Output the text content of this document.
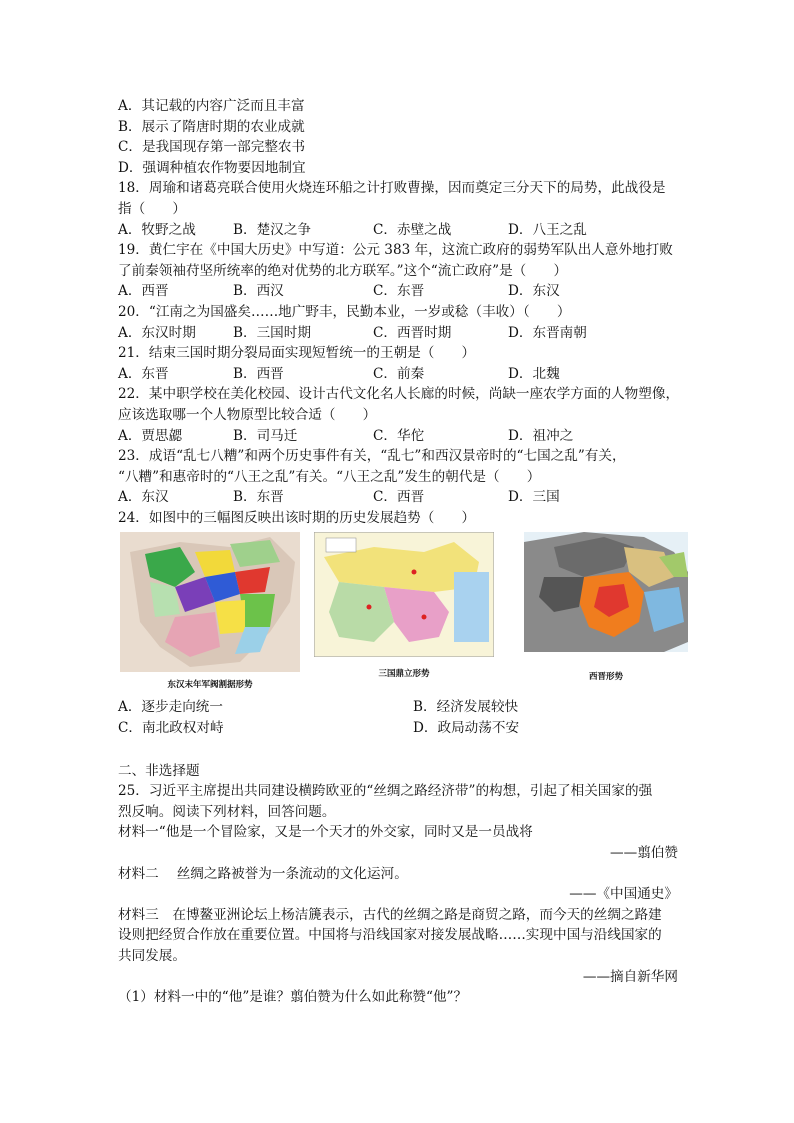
A．其记载的内容广泛而且丰富
B．展示了隋唐时期的农业成就
C．是我国现存第一部完整农书
D．强调种植农作物要因地制宜
18．周瑜和诸葛亮联合使用火烧连环船之计打败曹操，因而奠定三分天下的局势，此战役是
指（　　）
A．牧野之战	B．楚汉之争	C．赤壁之战	D．八王之乱
19．黄仁宇在《中国大历史》中写道：公元 383 年，这流亡政府的弱势军队出人意外地打败
了前秦领袖苻坚所统率的绝对优势的北方联军。”这个“流亡政府”是（　　）
A．西晋	B．西汉	C．东晋	D．东汉
20．“江南之为国盛矣……地广野丰，民勤本业，一岁或稔（丰收）（　　）
A．东汉时期	B．三国时期	C．西晋时期	D．东晋南朝
21．结束三国时期分裂局面实现短暂统一的王朝是（　　）
A．东晋	B．西晋	C．前秦	D．北魏
22．某中职学校在美化校园、设计古代文化名人长廊的时候，尚缺一座农学方面的人物塑像，
应该选取哪一个人物原型比较合适（　　）
A．贾思勰	B．司马迁	C．华佗	D．祖冲之
23．成语“乱七八糟”和两个历史事件有关，“乱七”和西汉景帝时的“七国之乱”有关，
“八糟”和惠帝时的“八王之乱”有关。“八王之乱”发生的朝代是（　　）
A．东汉	B．东晋	C．西晋	D．三国
24．如图中的三幅图反映出该时期的历史发展趋势（　　）
东汉末年军阀割据形势
三国鼎立形势	西晋形势
A．逐步走向统一	B．经济发展较快
C．南北政权对峙	D．政局动荡不安
二、非选择题
25．习近平主席提出共同建设横跨欧亚的“丝绸之路经济带”的构想，引起了相关国家的强
烈反响。阅读下列材料，回答问题。
材料一“他是一个冒险家，又是一个天才的外交家，同时又是一员战将
——翦伯赞
材料二　 丝绸之路被誉为一条流动的文化运河。
——《中国通史》
材料三　在博鳌亚洲论坛上杨洁篪表示，古代的丝绸之路是商贸之路，而今天的丝绸之路建
设则把经贸合作放在重要位置。中国将与沿线国家对接发展战略……实现中国与沿线国家的
共同发展。
——摘自新华网
（1）材料一中的“他”是谁？翦伯赞为什么如此称赞“他”？
